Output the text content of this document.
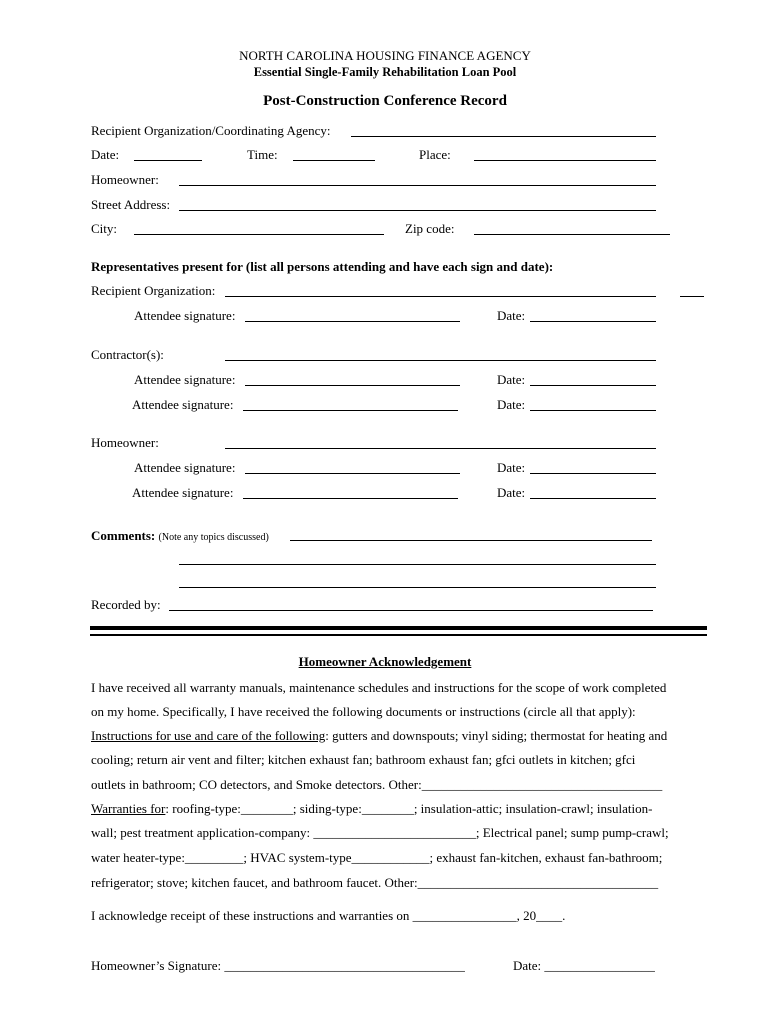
NORTH CAROLINA HOUSING FINANCE AGENCY
Essential Single-Family Rehabilitation Loan Pool
Post-Construction Conference Record
Recipient Organization/Coordinating Agency:
Date:	Time:	Place:
Homeowner:
Street Address:
City:	Zip code:
Representatives present for (list all persons attending and have each sign and date):
Recipient Organization:
Attendee signature:	Date:
Contractor(s):
Attendee signature:	Date:
Attendee signature:	Date:
Homeowner:
Attendee signature:	Date:
Attendee signature:	Date:
Comments: (Note any topics discussed)
Recorded by:
Homeowner Acknowledgement
I have received all warranty manuals, maintenance schedules and instructions for the scope of work completed
on my home. Specifically, I have received the following documents or instructions (circle all that apply):
Instructions for use and care of the following: gutters and downspouts; vinyl siding; thermostat for heating and
cooling; return air vent and filter; kitchen exhaust fan; bathroom exhaust fan; gfci outlets in kitchen; gfci
outlets in bathroom; CO detectors, and Smoke detectors. Other:_____________________________________
Warranties for: roofing-type:________; siding-type:________; insulation-attic; insulation-crawl; insulation-
wall; pest treatment application-company: _________________________; Electrical panel; sump pump-crawl;
water heater-type:_________; HVAC system-type____________; exhaust fan-kitchen, exhaust fan-bathroom;
refrigerator; stove; kitchen faucet, and bathroom faucet. Other:_____________________________________
I acknowledge receipt of these instructions and warranties on ________________, 20____.
Homeowner’s Signature: _____________________________________	Date: _________________
